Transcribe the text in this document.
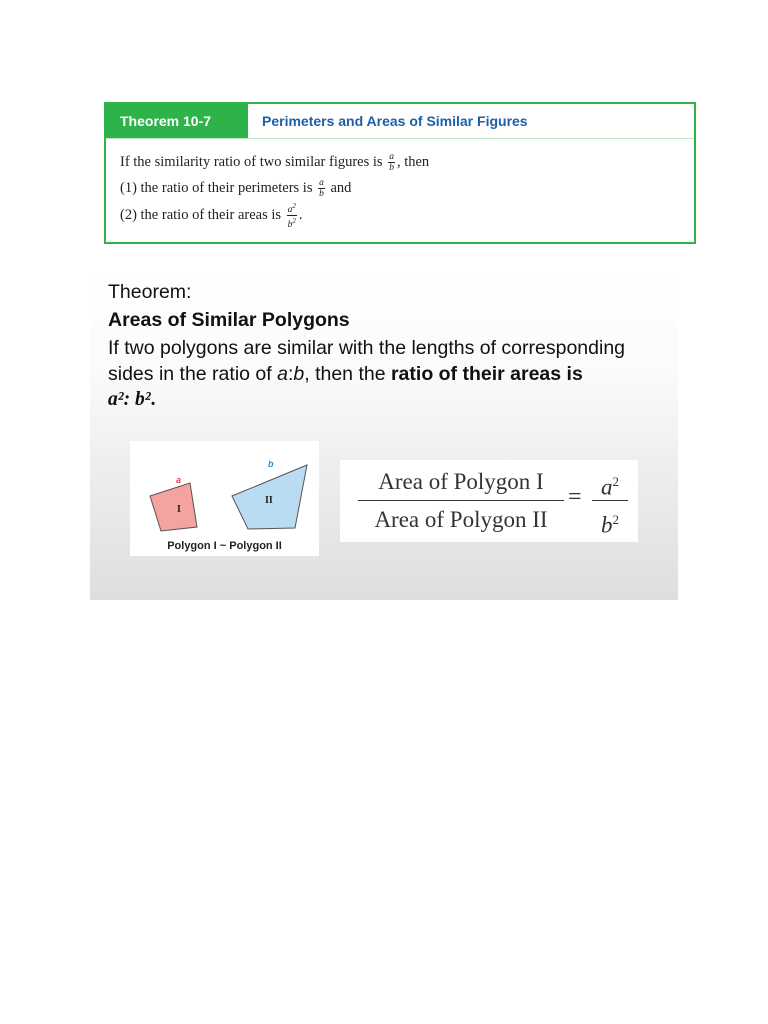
Theorem 10-7	Perimeters and Areas of Similar Figures
If the similarity ratio of two similar figures is $\frac{a}{b}$ , then
(1) the ratio of their perimeters is $\frac{a}{b}$ and
(2) the ratio of their areas is $\frac{a^2}{b^2}$ .
Theorem:
Areas of Similar Polygons
If two polygons are similar with the lengths of corresponding
sides in the ratio of a:b, then the ratio of their areas is
a²: b².
a
b
I
II
Polygon I ~ Polygon II
Area of Polygon I
Area of Polygon II
= $a^2$
$b^2$
